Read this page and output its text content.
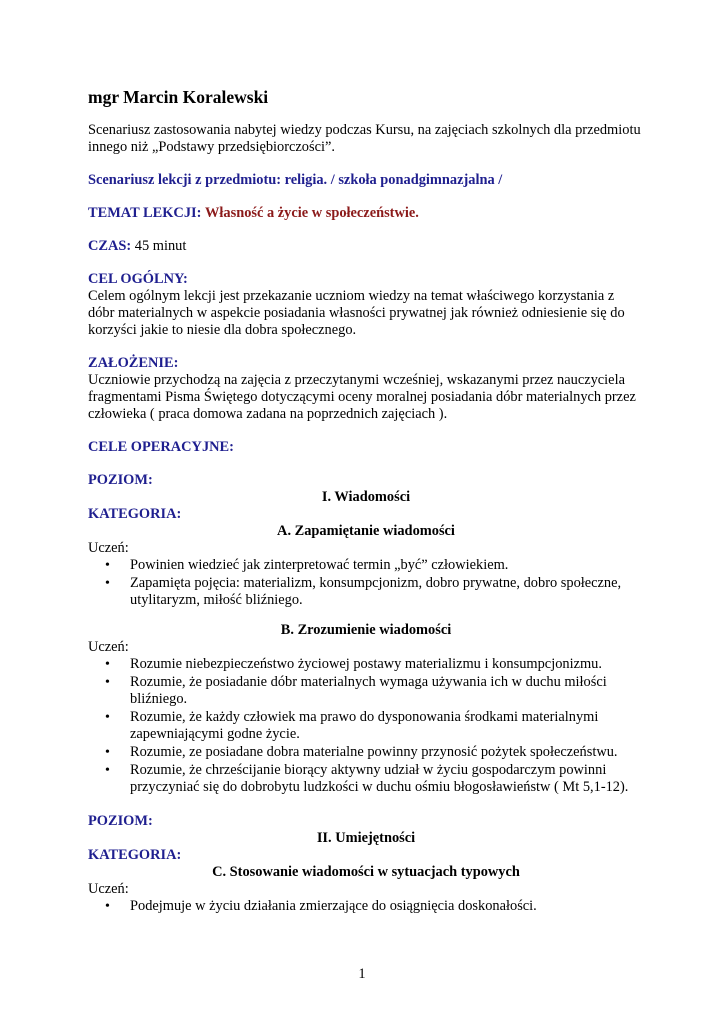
mgr Marcin Koralewski

Scenariusz zastosowania nabytej wiedzy podczas Kursu, na zajęciach szkolnych dla przedmiotu innego niż „Podstawy przedsiębiorczości”.

Scenariusz lekcji z przedmiotu: religia. / szkoła ponadgimnazjalna /

TEMAT LEKCJI: Własność a życie w społeczeństwie.

CZAS: 45 minut

CEL OGÓLNY:

Celem ogólnym lekcji jest przekazanie uczniom wiedzy na temat właściwego korzystania z dóbr materialnych w aspekcie posiadania własności prywatnej jak również odniesienie się do korzyści jakie to niesie dla dobra społecznego.

ZAŁOŻENIE:

Uczniowie przychodzą na zajęcia z przeczytanymi wcześniej, wskazanymi przez nauczyciela fragmentami Pisma Świętego dotyczącymi oceny moralnej posiadania dóbr materialnych przez człowieka ( praca domowa zadana na poprzednich zajęciach ).

CELE OPERACYJNE:

POZIOM:

I. Wiadomości

KATEGORIA:

A. Zapamiętanie wiadomości

Uczeń:

• Powinien wiedzieć jak zinterpretować termin „być” człowiekiem.
• Zapamięta pojęcia: materializm, konsumpcjonizm, dobro prywatne, dobro społeczne, utylitaryzm, miłość bliźniego.

B. Zrozumienie wiadomości

Uczeń:

• Rozumie niebezpieczeństwo życiowej postawy materializmu i konsumpcjonizmu.
• Rozumie, że posiadanie dóbr materialnych wymaga używania ich w duchu miłości bliźniego.
• Rozumie, że każdy człowiek ma prawo do dysponowania środkami materialnymi zapewniającymi godne życie.
• Rozumie, ze posiadane dobra materialne powinny przynosić pożytek społeczeństwu.
• Rozumie, że chrześcijanie biorący aktywny udział w życiu gospodarczym powinni przyczyniać się do dobrobytu ludzkości w duchu ośmiu błogosławieństw ( Mt 5,1-12).

POZIOM:

II. Umiejętności

KATEGORIA:

C. Stosowanie wiadomości w sytuacjach typowych

Uczeń:

• Podejmuje w życiu działania zmierzające do osiągnięcia doskonałości.
1
